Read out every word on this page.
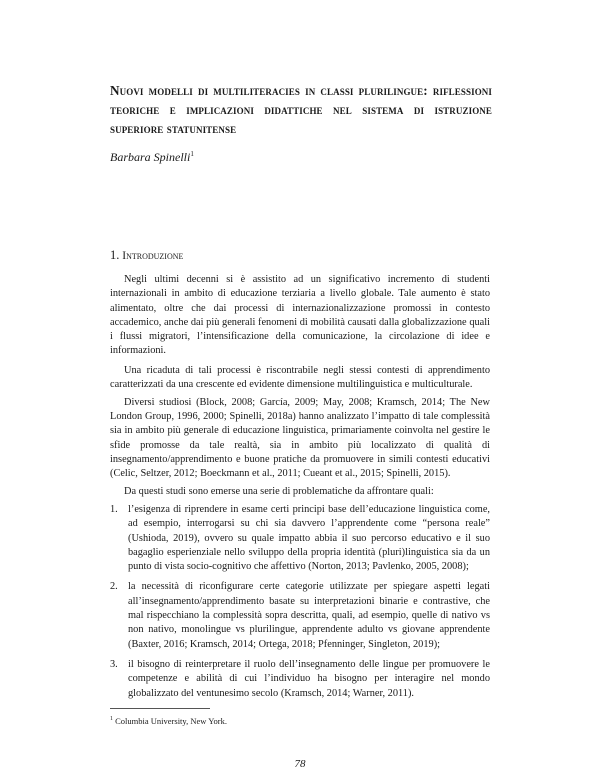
Nuovi modelli di multiliteracies in classi plurilingue: riflessioni teoriche e implicazioni didattiche nel sistema di istruzione superiore statunitense
Barbara Spinelli$^1$
1. Introduzione

Negli ultimi decenni si è assistito ad un significativo incremento di studenti internazionali in ambito di educazione terziaria a livello globale. Tale aumento è stato alimentato, oltre che dai processi di internazionalizzazione promossi in contesto accademico, anche dai più generali fenomeni di mobilità causati dalla globalizzazione quali i flussi migratori, l’intensificazione della comunicazione, la circolazione di idee e informazioni.

Una ricaduta di tali processi è riscontrabile negli stessi contesti di apprendimento caratterizzati da una crescente ed evidente dimensione multilinguistica e multiculturale.

Diversi studiosi (Block, 2008; García, 2009; May, 2008; Kramsch, 2014; The New London Group, 1996, 2000; Spinelli, 2018a) hanno analizzato l’impatto di tale complessità sia in ambito più generale di educazione linguistica, primariamente coinvolta nel gestire le sfide promosse da tale realtà, sia in ambito più localizzato di qualità di insegnamento/apprendimento e buone pratiche da promuovere in simili contesti educativi (Celic, Seltzer, 2012; Boeckmann et al., 2011; Cueant et al., 2015; Spinelli, 2015).

Da questi studi sono emerse una serie di problematiche da affrontare quali:

1. l’esigenza di riprendere in esame certi principi base dell’educazione linguistica come, ad esempio, interrogarsi su chi sia davvero l’apprendente come “persona reale” (Ushioda, 2019), ovvero su quale impatto abbia il suo percorso educativo e il suo bagaglio esperienziale nello sviluppo della propria identità (pluri)linguistica sia da un punto di vista socio-cognitivo che affettivo (Norton, 2013; Pavlenko, 2005, 2008);
2. la necessità di riconfigurare certe categorie utilizzate per spiegare aspetti legati all’insegnamento/apprendimento basate su interpretazioni binarie e contrastive, che mal rispecchiano la complessità sopra descritta, quali, ad esempio, quelle di nativo vs non nativo, monolingue vs plurilingue, apprendente adulto vs giovane apprendente (Baxter, 2016; Kramsch, 2014; Ortega, 2018; Pfenninger, Singleton, 2019);
3. il bisogno di reinterpretare il ruolo dell’insegnamento delle lingue per promuovere le competenze e abilità di cui l’individuo ha bisogno per interagire nel mondo globalizzato del ventunesimo secolo (Kramsch, 2014; Warner, 2011).
$^1$ Columbia University, New York.
78
